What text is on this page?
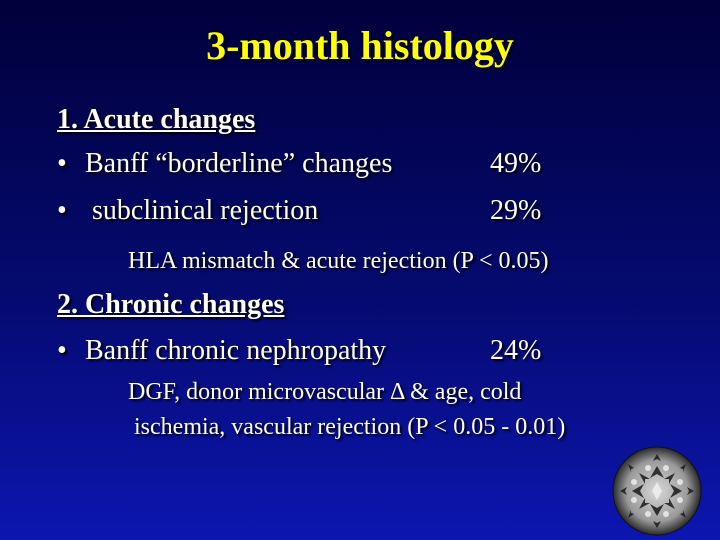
3-month histology
1. Acute changes
• Banff “borderline” changes	49%
• subclinical rejection	29%
HLA mismatch & acute rejection (P < 0.05)
2. Chronic changes
• Banff chronic nephropathy	24%
DGF, donor microvascular Δ & age, cold
ischemia, vascular rejection (P < 0.05 - 0.01)
